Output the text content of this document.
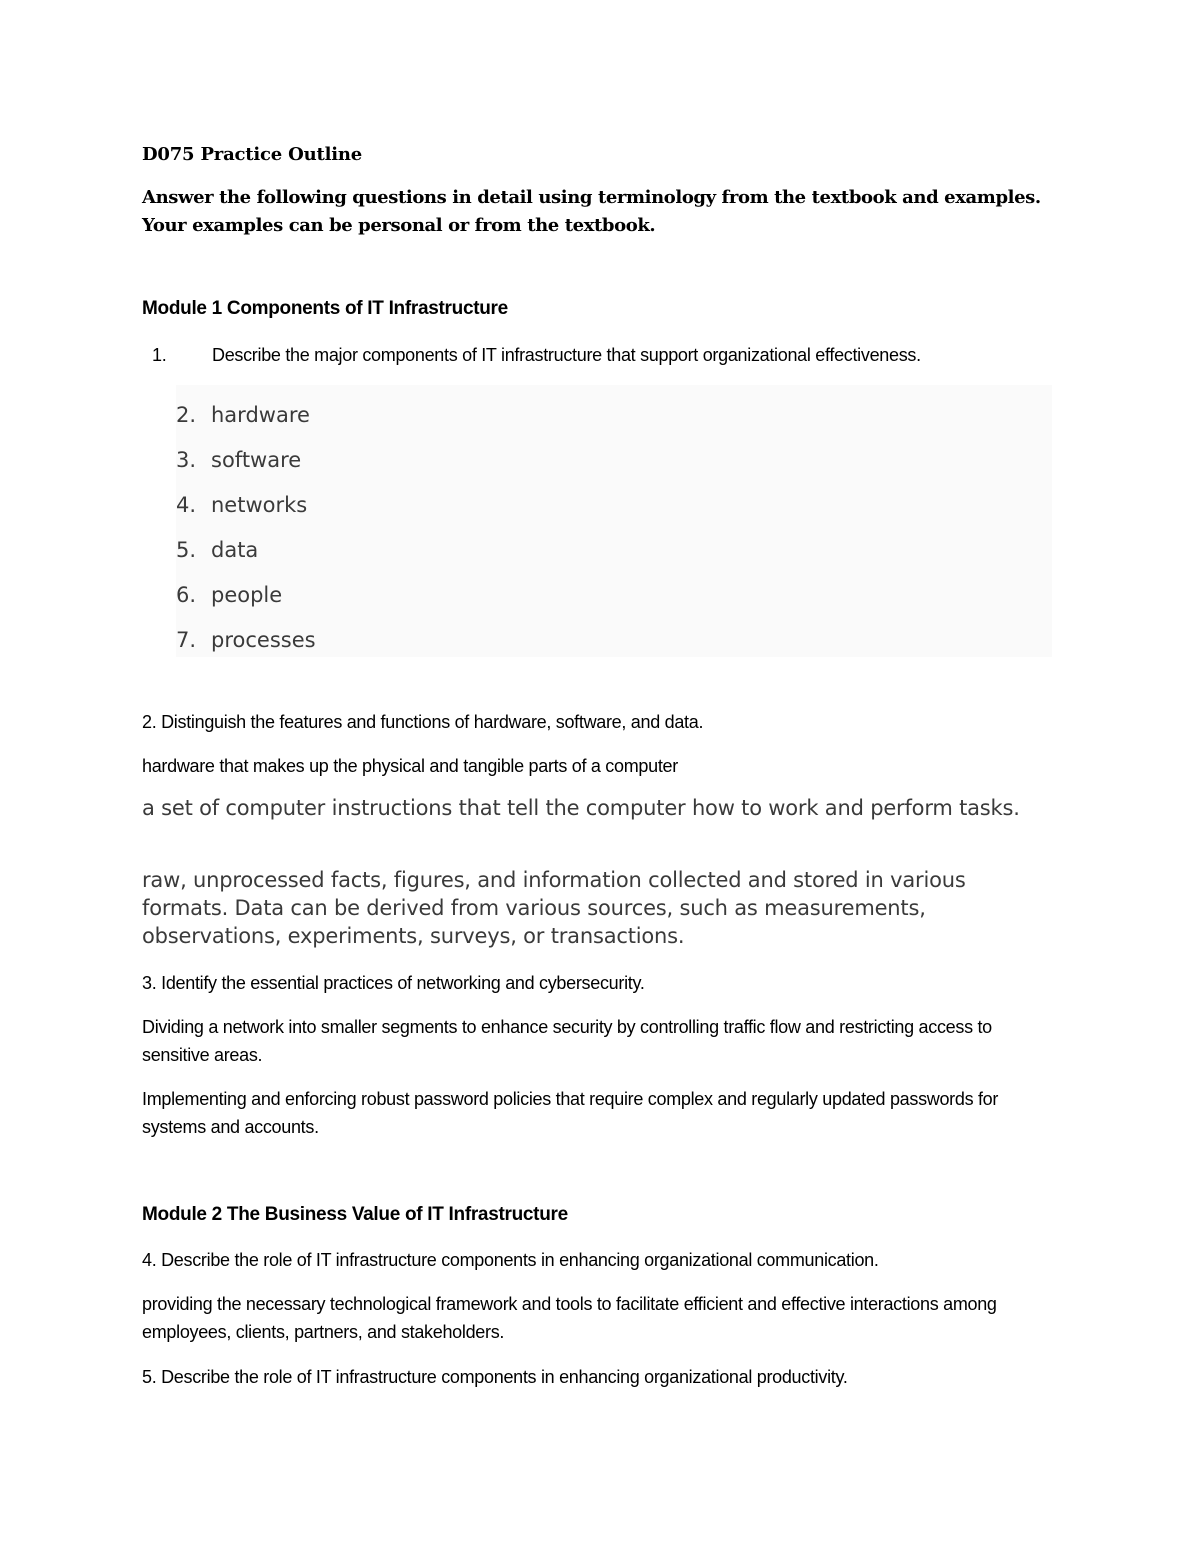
D075 Practice Outline

Answer the following questions in detail using terminology from the textbook and examples. Your examples can be personal or from the textbook.

Module 1 Components of IT Infrastructure

1.	Describe the major components of IT infrastructure that support organizational effectiveness.

2. hardware
3. software
4. networks
5. data
6. people
7. processes

2. Distinguish the features and functions of hardware, software, and data.

hardware that makes up the physical and tangible parts of a computer

a set of computer instructions that tell the computer how to work and perform tasks.

raw, unprocessed facts, figures, and information collected and stored in various formats. Data can be derived from various sources, such as measurements, observations, experiments, surveys, or transactions.

3. Identify the essential practices of networking and cybersecurity.

Dividing a network into smaller segments to enhance security by controlling traffic flow and restricting access to sensitive areas.

Implementing and enforcing robust password policies that require complex and regularly updated passwords for systems and accounts.

Module 2 The Business Value of IT Infrastructure

4. Describe the role of IT infrastructure components in enhancing organizational communication.

providing the necessary technological framework and tools to facilitate efficient and effective interactions among employees, clients, partners, and stakeholders.

5. Describe the role of IT infrastructure components in enhancing organizational productivity.
